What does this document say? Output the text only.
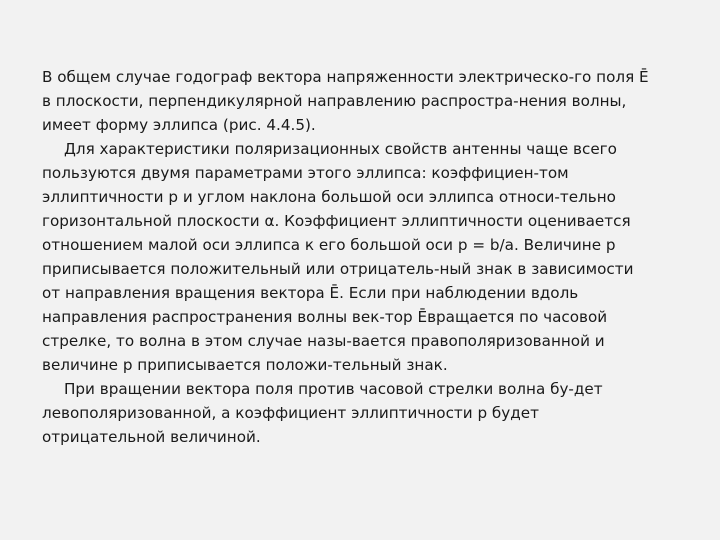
В общем случае годограф вектора напряженности электрическо-го поля Ē
в плоскости, перпендикулярной направлению распростра-нения волны,
имеет форму эллипса (рис. 4.4.5).
Для характеристики поляризационных свойств антенны чаще всего
пользуются двумя параметрами этого эллипса: коэффициен-том
эллиптичности p и углом наклона большой оси эллипса относи-тельно
горизонтальной плоскости α. Коэффициент эллиптичности оценивается
отношением малой оси эллипса к его большой оси p = b/a. Величине p
приписывается положительный или отрицатель-ный знак в зависимости
от направления вращения вектора Ē. Если при наблюдении вдоль
направления распространения волны век-тор Ēвращается по часовой
стрелке, то волна в этом случае назы-вается правополяризованной и
величине p приписывается положи-тельный знак.
При вращении вектора поля против часовой стрелки волна бу-дет
левополяризованной, а коэффициент эллиптичности p будет
отрицательной величиной.
